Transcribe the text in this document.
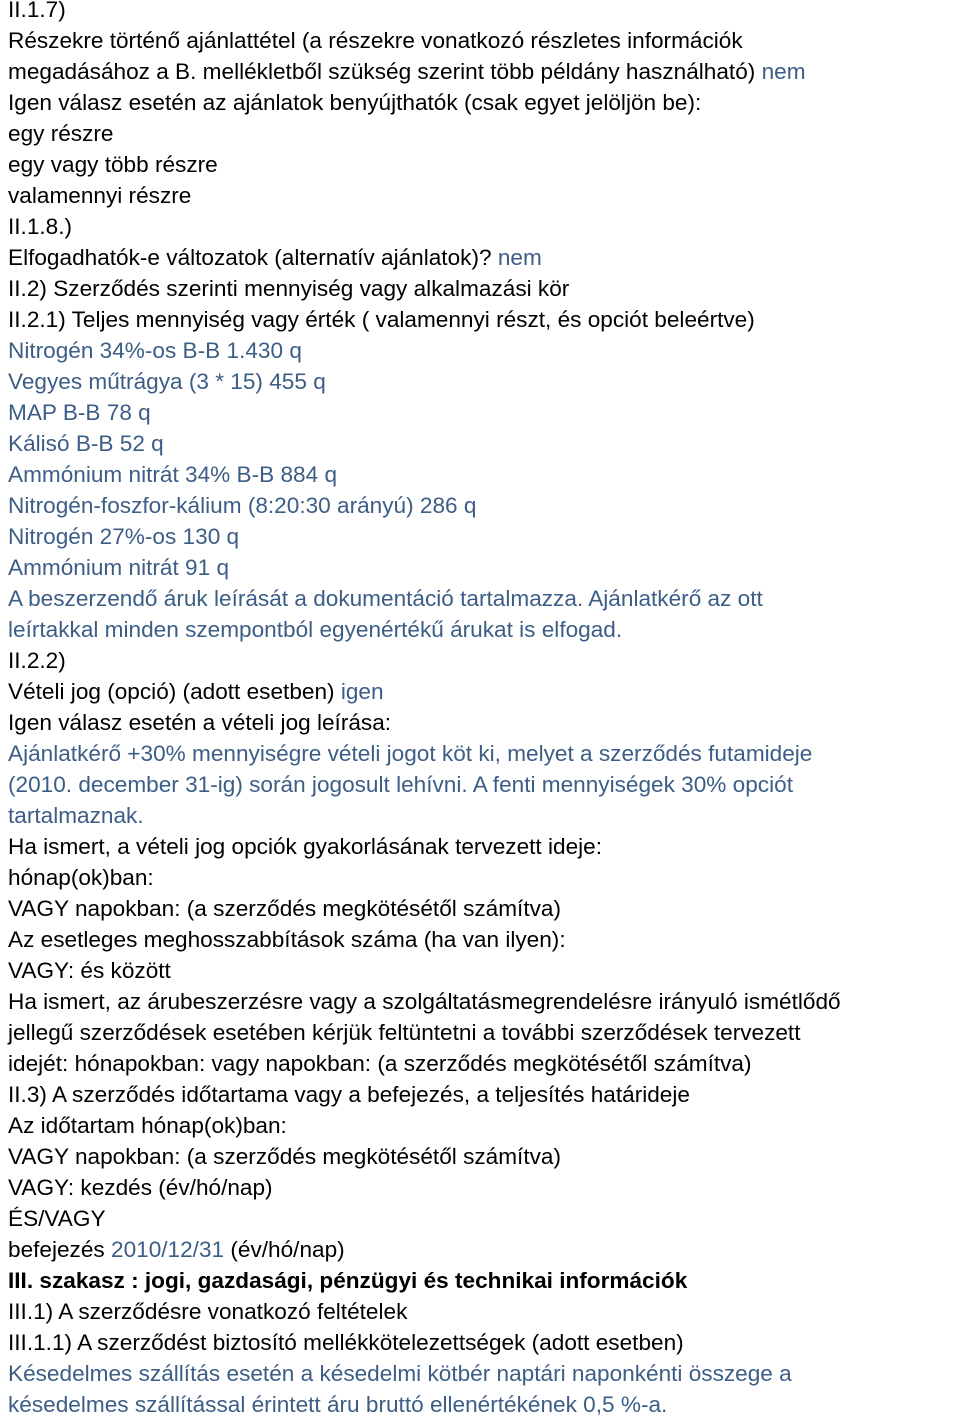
II.1.7)
Részekre történő ajánlattétel (a részekre vonatkozó részletes információk
megadásához a B. mellékletből szükség szerint több példány használható) nem
Igen válasz esetén az ajánlatok benyújthatók (csak egyet jelöljön be):
egy részre
egy vagy több részre
valamennyi részre
II.1.8.)
Elfogadhatók-e változatok (alternatív ajánlatok)? nem
II.2) Szerződés szerinti mennyiség vagy alkalmazási kör
II.2.1) Teljes mennyiség vagy érték ( valamennyi részt, és opciót beleértve)
Nitrogén 34%-os B-B 1.430 q
Vegyes műtrágya (3 * 15) 455 q
MAP B-B 78 q
Kálisó B-B 52 q
Ammónium nitrát 34% B-B 884 q
Nitrogén-foszfor-kálium (8:20:30 arányú) 286 q
Nitrogén 27%-os 130 q
Ammónium nitrát 91 q
A beszerzendő áruk leírását a dokumentáció tartalmazza. Ajánlatkérő az ott
leírtakkal minden szempontból egyenértékű árukat is elfogad.
II.2.2)
Vételi jog (opció) (adott esetben) igen
Igen válasz esetén a vételi jog leírása:
Ajánlatkérő +30% mennyiségre vételi jogot köt ki, melyet a szerződés futamideje
(2010. december 31-ig) során jogosult lehívni. A fenti mennyiségek 30% opciót
tartalmaznak.
Ha ismert, a vételi jog opciók gyakorlásának tervezett ideje:
hónap(ok)ban:
VAGY napokban: (a szerződés megkötésétől számítva)
Az esetleges meghosszabbítások száma (ha van ilyen):
VAGY: és között
Ha ismert, az árubeszerzésre vagy a szolgáltatásmegrendelésre irányuló ismétlődő
jellegű szerződések esetében kérjük feltüntetni a további szerződések tervezett
idejét: hónapokban: vagy napokban: (a szerződés megkötésétől számítva)
II.3) A szerződés időtartama vagy a befejezés, a teljesítés határideje
Az időtartam hónap(ok)ban:
VAGY napokban: (a szerződés megkötésétől számítva)
VAGY: kezdés (év/hó/nap)
ÉS/VAGY
befejezés 2010/12/31 (év/hó/nap)
III. szakasz : jogi, gazdasági, pénzügyi és technikai információk
III.1) A szerződésre vonatkozó feltételek
III.1.1) A szerződést biztosító mellékkötelezettségek (adott esetben)
Késedelmes szállítás esetén a késedelmi kötbér naptári naponkénti összege a
késedelmes szállítással érintett áru bruttó ellenértékének 0,5 %-a.
